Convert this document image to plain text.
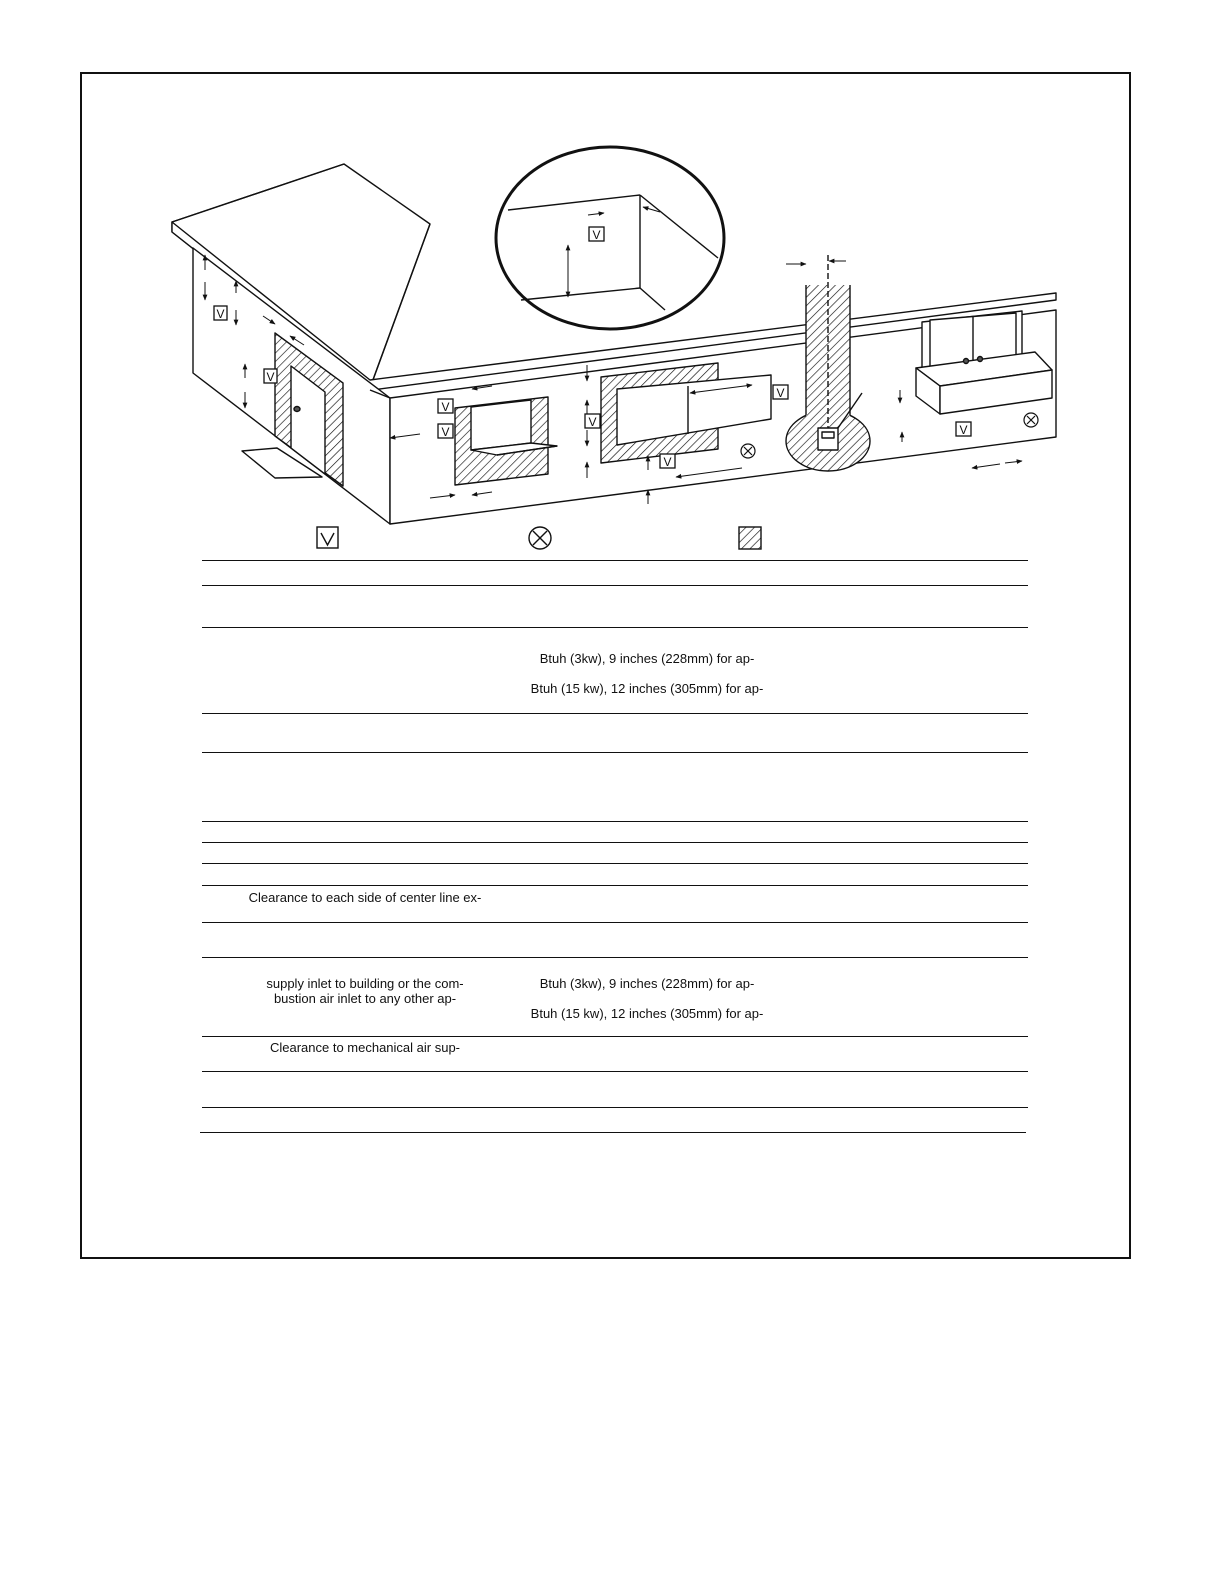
V
V
V
V
V
V
V
V
V
Btuh (3kw), 9 inches (228mm) for ap-
Btuh (15 kw), 12 inches (305mm) for ap-
Clearance to each side of center line ex-
supply inlet to building or the com-
bustion air inlet to any other ap-
Btuh (3kw), 9 inches (228mm) for ap-
Btuh (15 kw), 12 inches (305mm) for ap-
Clearance to mechanical air sup-
